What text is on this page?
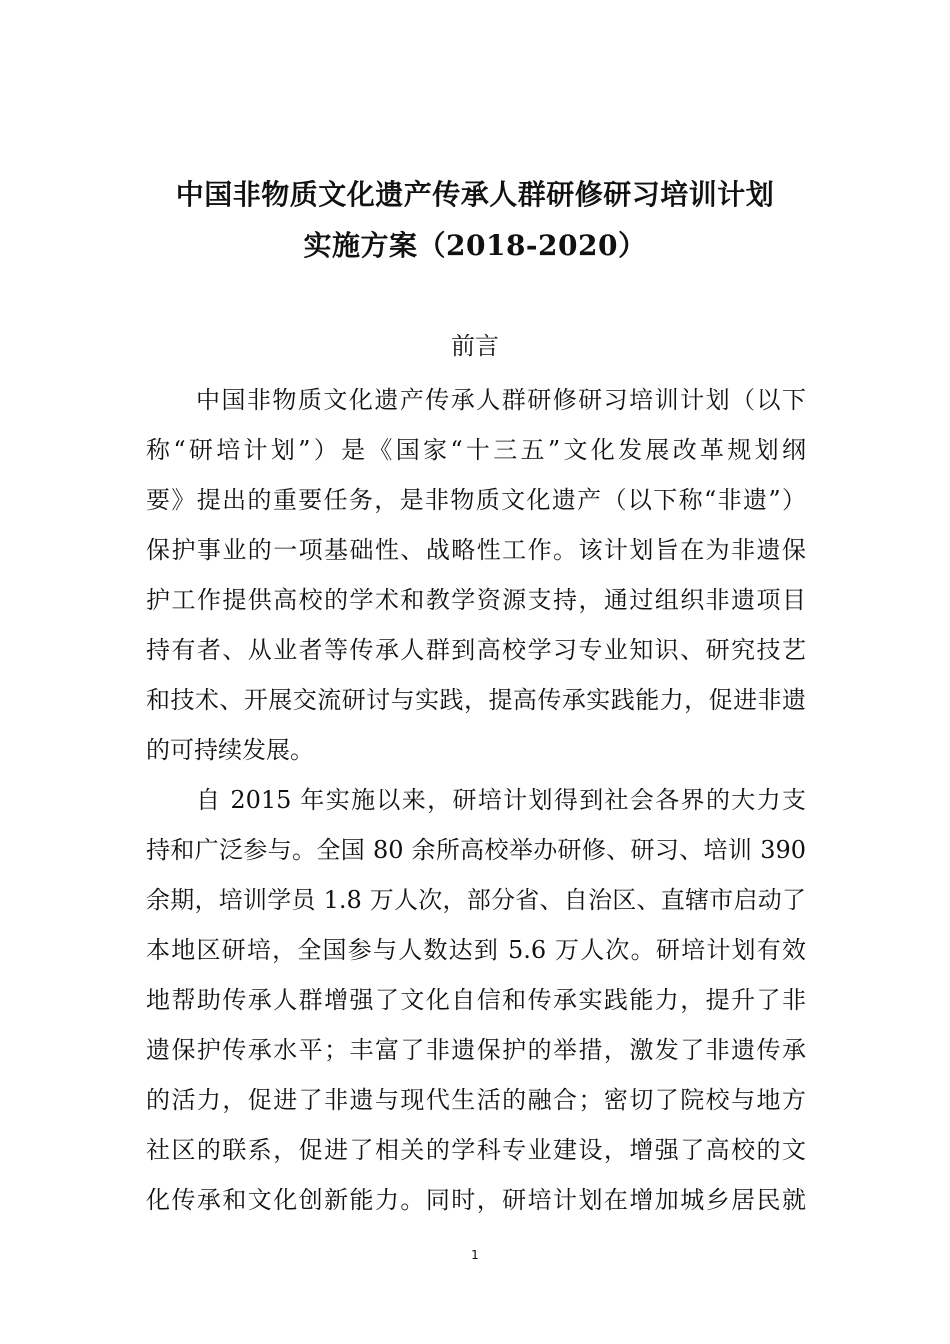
中国非物质文化遗产传承人群研修研习培训计划
实施方案（2018-2020）
前言
中国非物质文化遗产传承人群研修研习培训计划（以下
称“研培计划”）是《国家“十三五”文化发展改革规划纲
要》提出的重要任务，是非物质文化遗产（以下称“非遗”）
保护事业的一项基础性、战略性工作。该计划旨在为非遗保
护工作提供高校的学术和教学资源支持，通过组织非遗项目
持有者、从业者等传承人群到高校学习专业知识、研究技艺
和技术、开展交流研讨与实践，提高传承实践能力，促进非遗
的可持续发展。
自 2015 年实施以来，研培计划得到社会各界的大力支
持和广泛参与。全国 80 余所高校举办研修、研习、培训 390
余期，培训学员 1.8 万人次，部分省、自治区、直辖市启动了
本地区研培，全国参与人数达到 5.6 万人次。研培计划有效
地帮助传承人群增强了文化自信和传承实践能力，提升了非
遗保护传承水平；丰富了非遗保护的举措，激发了非遗传承
的活力，促进了非遗与现代生活的融合；密切了院校与地方
社区的联系，促进了相关的学科专业建设，增强了高校的文
化传承和文化创新能力。同时，研培计划在增加城乡居民就
1
